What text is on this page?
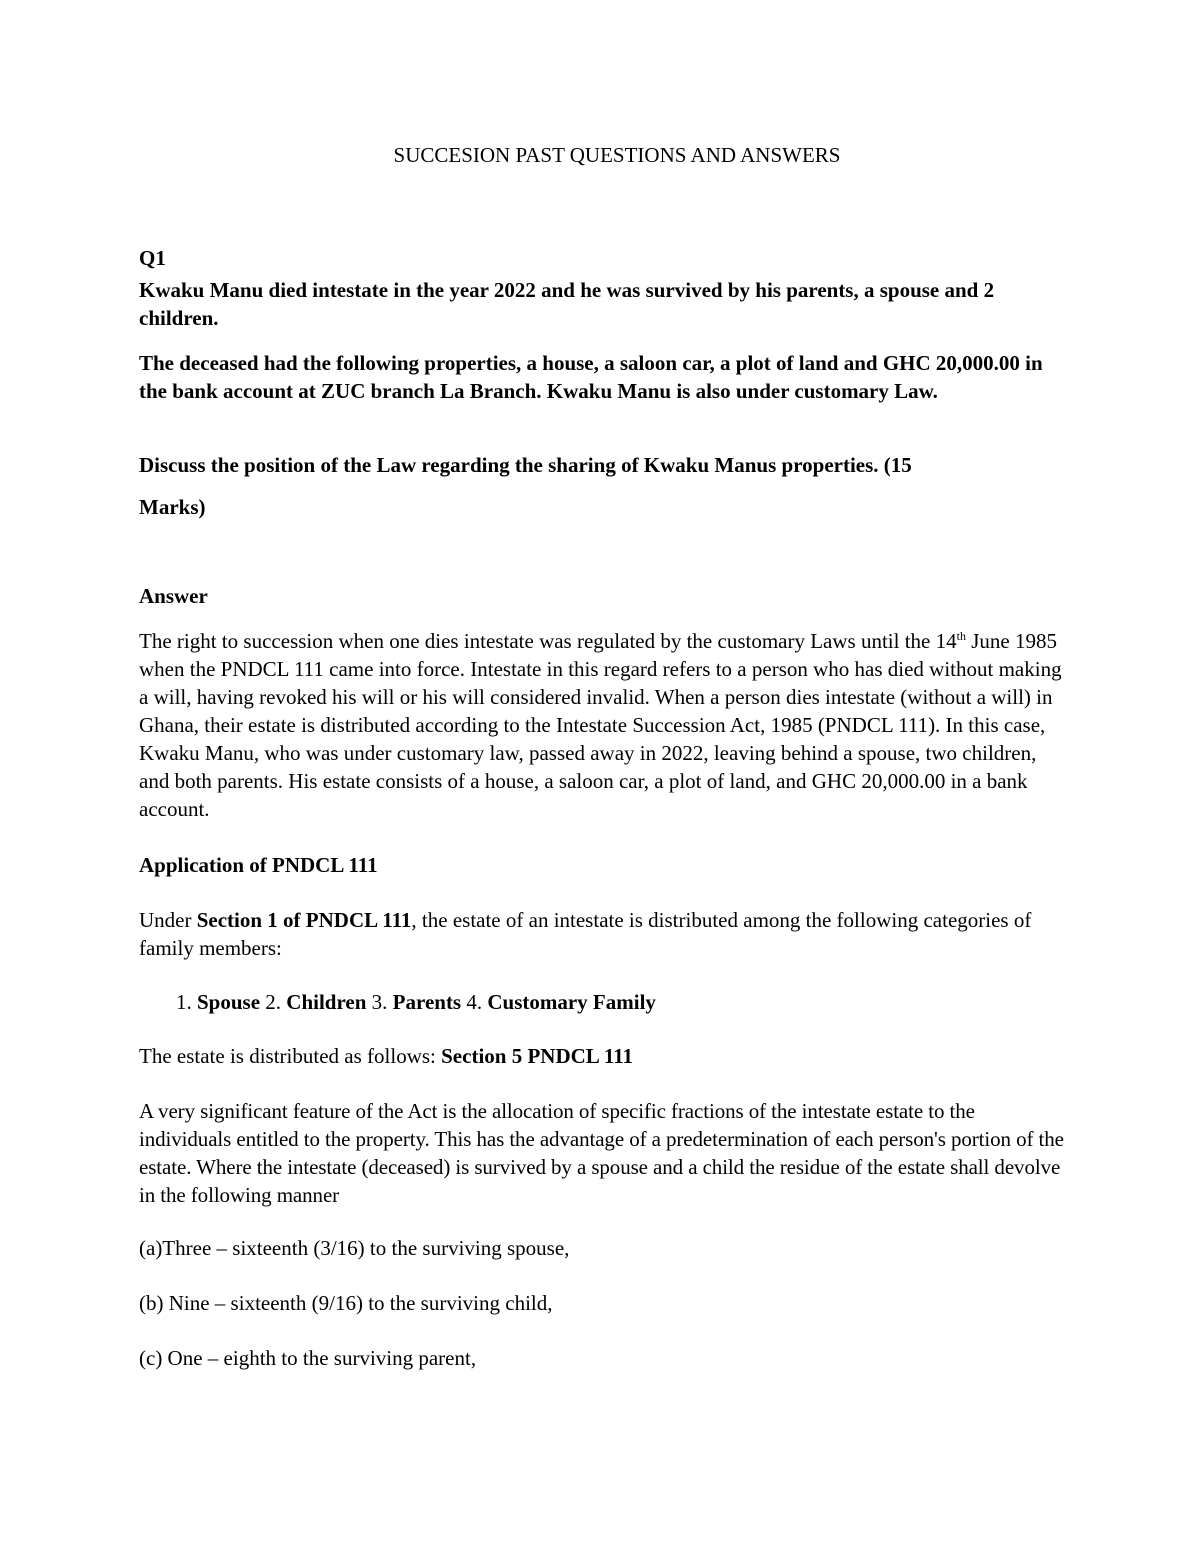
SUCCESION PAST QUESTIONS AND ANSWERS

Q1

Kwaku Manu died intestate in the year 2022 and he was survived by his parents, a spouse and 2 children.

The deceased had the following properties, a house, a saloon car, a plot of land and GHC 20,000.00 in the bank account at ZUC branch La Branch. Kwaku Manu is also under customary Law.

Discuss the position of the Law regarding the sharing of Kwaku Manus properties. (15
Marks)

Answer

The right to succession when one dies intestate was regulated by the customary Laws until the 14th June 1985 when the PNDCL 111 came into force. Intestate in this regard refers to a person who has died without making a will, having revoked his will or his will considered invalid. When a person dies intestate (without a will) in Ghana, their estate is distributed according to the Intestate Succession Act, 1985 (PNDCL 111). In this case, Kwaku Manu, who was under customary law, passed away in 2022, leaving behind a spouse, two children, and both parents. His estate consists of a house, a saloon car, a plot of land, and GHC 20,000.00 in a bank account.

Application of PNDCL 111

Under Section 1 of PNDCL 111, the estate of an intestate is distributed among the following categories of family members:

1. Spouse 2. Children 3. Parents 4. Customary Family

The estate is distributed as follows: Section 5 PNDCL 111

A very significant feature of the Act is the allocation of specific fractions of the intestate estate to the individuals entitled to the property. This has the advantage of a predetermination of each person's portion of the estate. Where the intestate (deceased) is survived by a spouse and a child the residue of the estate shall devolve in the following manner

(a)Three – sixteenth (3/16) to the surviving spouse,

(b) Nine – sixteenth (9/16) to the surviving child,

(c) One – eighth to the surviving parent,
